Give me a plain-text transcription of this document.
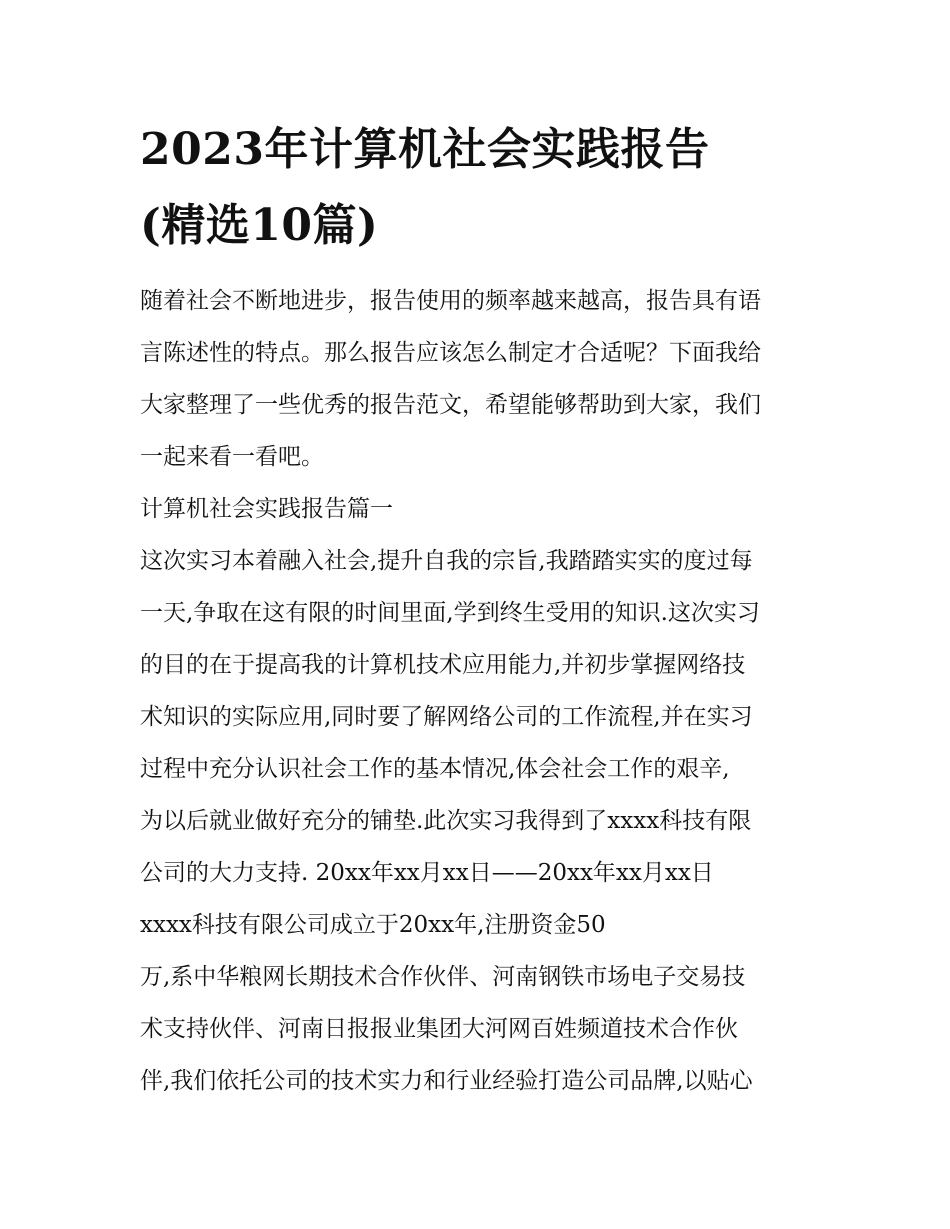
2023年计算机社会实践报告
(精选10篇)
随着社会不断地进步，报告使用的频率越来越高，报告具有语
言陈述性的特点。那么报告应该怎么制定才合适呢？下面我给
大家整理了一些优秀的报告范文，希望能够帮助到大家，我们
一起来看一看吧。
计算机社会实践报告篇一
这次实习本着融入社会,提升自我的宗旨,我踏踏实实的度过每
一天,争取在这有限的时间里面,学到终生受用的知识.这次实习
的目的在于提高我的计算机技术应用能力,并初步掌握网络技
术知识的实际应用,同时要了解网络公司的工作流程,并在实习
过程中充分认识社会工作的基本情况,体会社会工作的艰辛,
为以后就业做好充分的铺垫.此次实习我得到了xxxx科技有限
公司的大力支持. 20xx年xx月xx日——20xx年xx月xx日
xxxx科技有限公司成立于20xx年,注册资金50
万,系中华粮网长期技术合作伙伴、河南钢铁市场电子交易技
术支持伙伴、河南日报报业集团大河网百姓频道技术合作伙
伴,我们依托公司的技术实力和行业经验打造公司品牌,以贴心
